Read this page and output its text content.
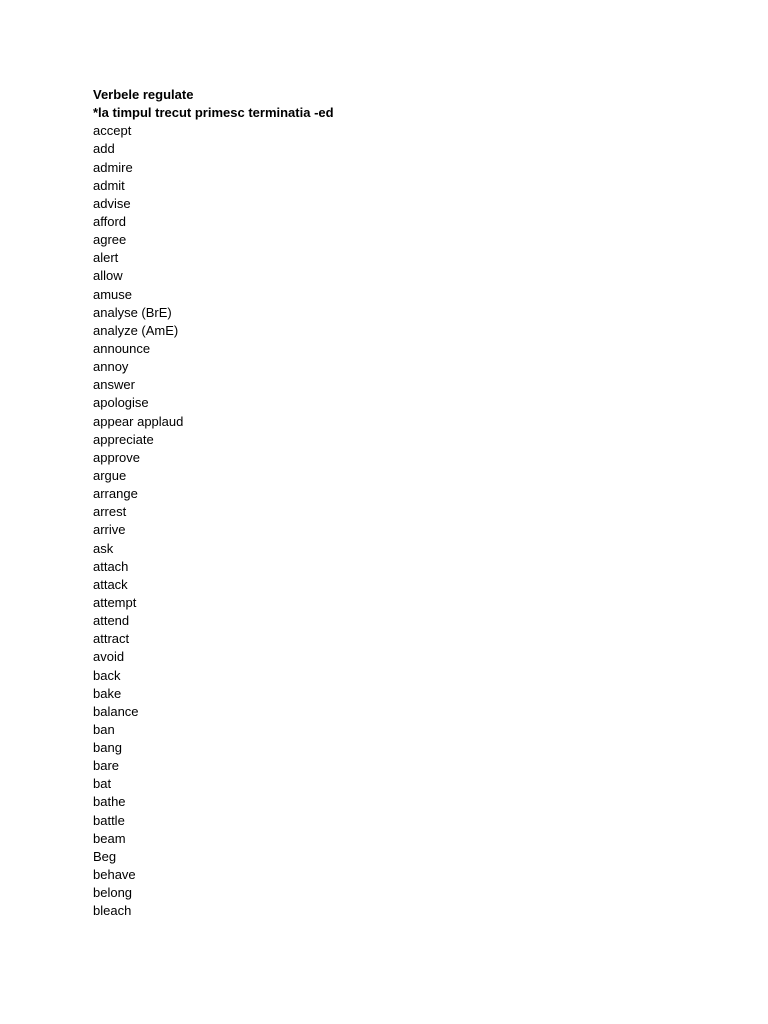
Verbele regulate
*la timpul trecut primesc terminatia -ed
accept
add
admire
admit
advise
afford
agree
alert
allow
amuse
analyse (BrE)
analyze (AmE)
announce
annoy
answer
apologise
appear applaud
appreciate
approve
argue
arrange
arrest
arrive
ask
attach
attack
attempt
attend
attract
avoid
back
bake
balance
ban
bang
bare
bat
bathe
battle
beam
Beg
behave
belong
bleach
